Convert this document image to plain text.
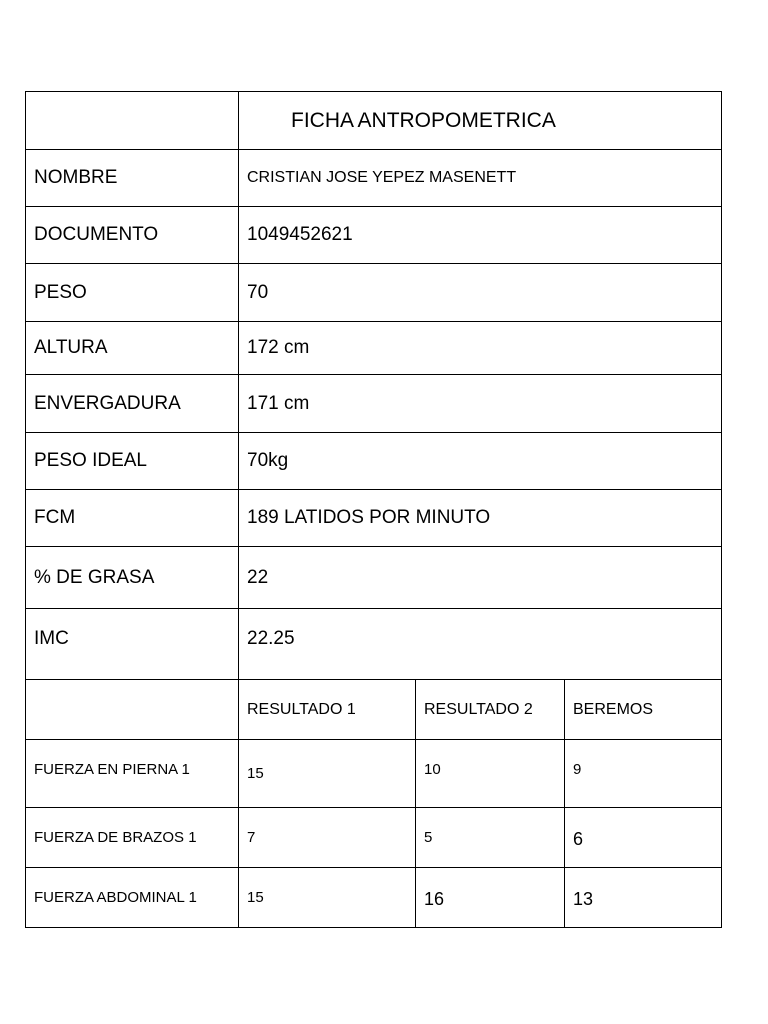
	FICHA ANTROPOMETRICA		
NOMBRE	CRISTIAN JOSE YEPEZ MASENETT		
DOCUMENTO	1049452621		
PESO	70		
ALTURA	172 cm		
ENVERGADURA	171 cm		
PESO IDEAL	70kg		
FCM	189 LATIDOS POR MINUTO		
% DE GRASA	22		
IMC	22.25		
	RESULTADO 1	RESULTADO 2	BEREMOS
FUERZA EN PIERNA 1	15	10	9
FUERZA DE BRAZOS 1	7	5	6
FUERZA ABDOMINAL 1	15	16	13
